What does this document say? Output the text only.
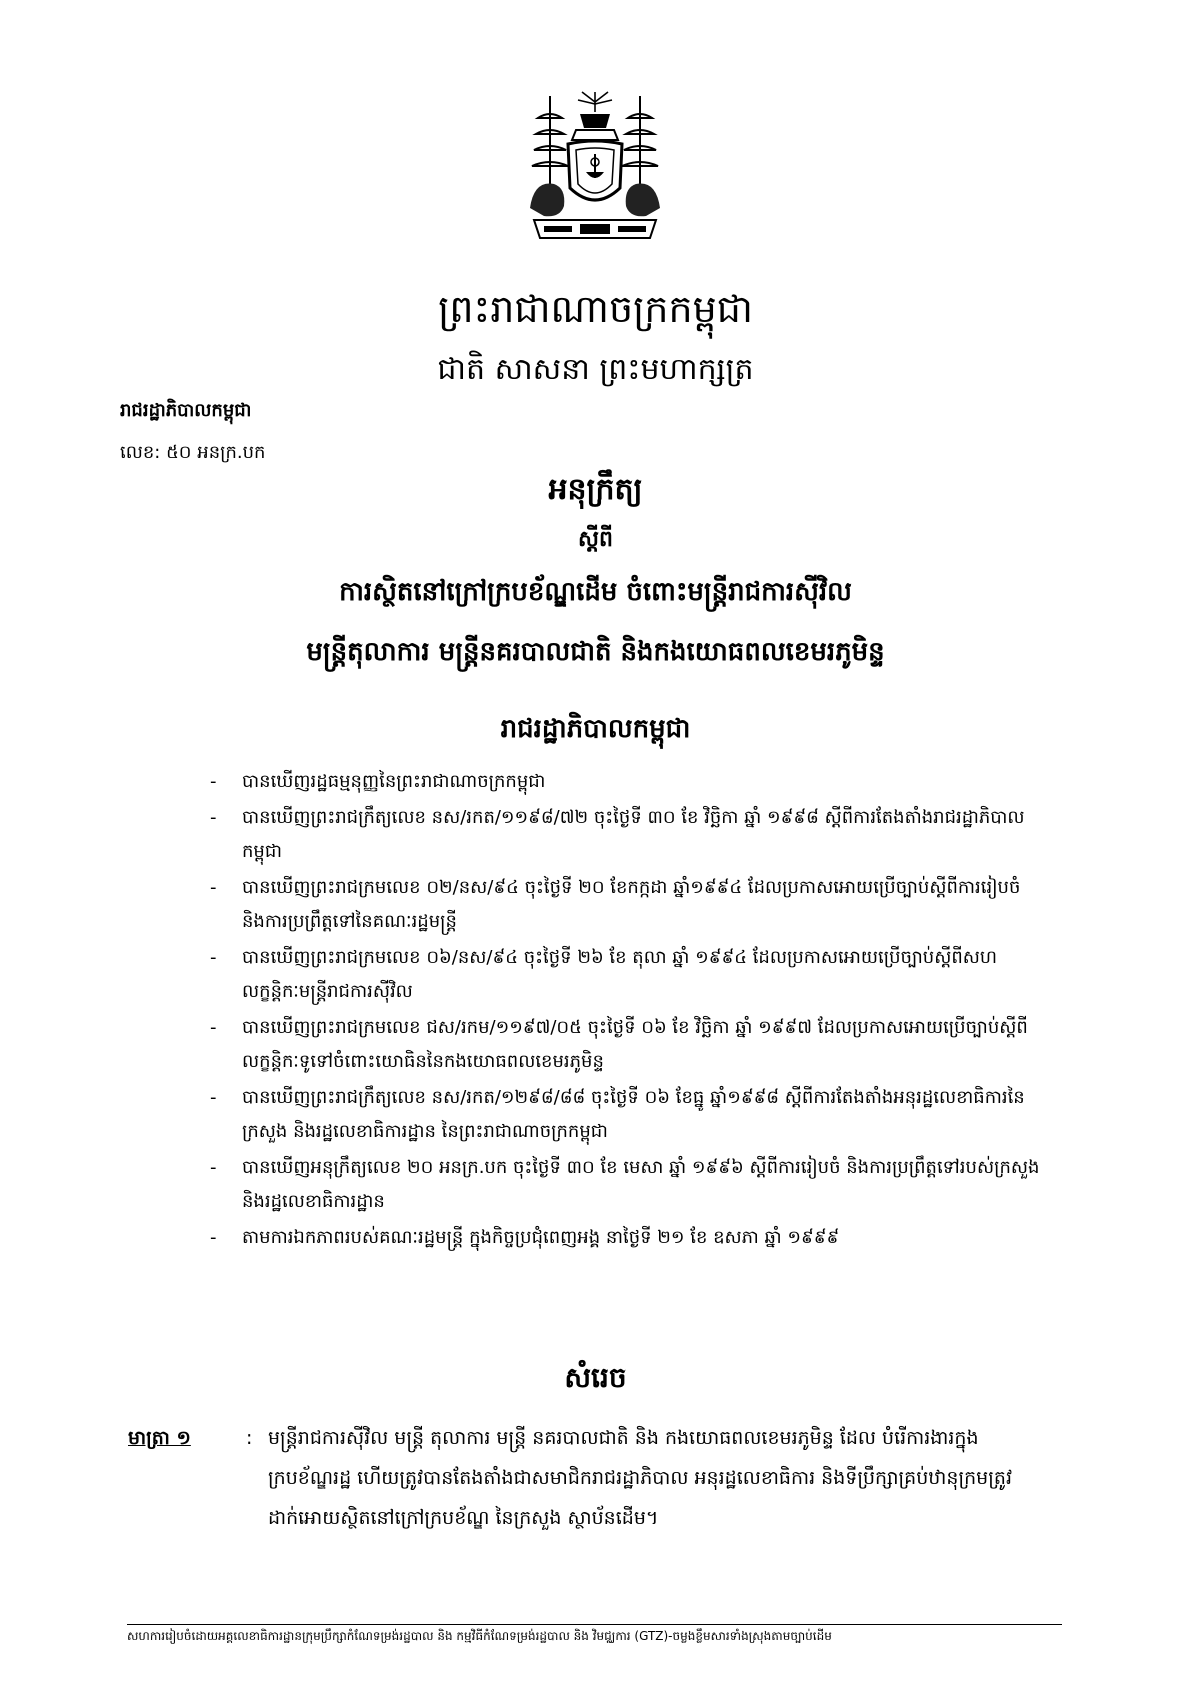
ព្រះរាជាណាចក្រកម្ពុជា
ជាតិ សាសនា ព្រះមហាក្សត្រ
រាជរដ្ឋាភិបាលកម្ពុជា
លេខ: ៥០ អនក្រ.បក
អនុក្រឹត្យ
ស្ដីពី
ការស្ថិតនៅក្រៅក្របខ័ណ្ឌដើម ចំពោះមន្ត្រីរាជការស៊ីវិល
មន្ត្រីតុលាការ មន្ត្រីនគរបាលជាតិ និងកងយោធពលខេមរភូមិន្ទ
រាជរដ្ឋាភិបាលកម្ពុជា
- បានឃើញរដ្ឋធម្មនុញ្ញនៃព្រះរាជាណាចក្រកម្ពុជា
- បានឃើញព្រះរាជក្រឹត្យលេខ នស/រកត/១១៩៨/៧២ ចុះថ្ងៃទី ៣០ ខែ វិច្ឆិកា ឆ្នាំ ១៩៩៨ ស្ដីពីការតែងតាំងរាជរដ្ឋាភិបាលកម្ពុជា
- បានឃើញព្រះរាជក្រមលេខ ០២/នស/៩៤ ចុះថ្ងៃទី ២០ ខែកក្កដា ឆ្នាំ១៩៩៤ ដែលប្រកាសអោយប្រើច្បាប់ស្ដីពីការរៀបចំ និងការប្រព្រឹត្តទៅនៃគណៈរដ្ឋមន្ត្រី
- បានឃើញព្រះរាជក្រមលេខ ០៦/នស/៩៤ ចុះថ្ងៃទី ២៦ ខែ តុលា ឆ្នាំ ១៩៩៤ ដែលប្រកាសអោយប្រើច្បាប់ស្ដីពីសហលក្ខន្តិកៈមន្ត្រីរាជការស៊ីវិល
- បានឃើញព្រះរាជក្រមលេខ ជស/រកម/១១៩៧/០៥ ចុះថ្ងៃទី ០៦ ខែ វិច្ឆិកា ឆ្នាំ ១៩៩៧ ដែលប្រកាសអោយប្រើច្បាប់ស្ដីពី លក្ខន្តិកៈទូទៅចំពោះយោធិននៃកងយោធពលខេមរភូមិន្ទ
- បានឃើញព្រះរាជក្រឹត្យលេខ នស/រកត/១២៩៨/៨៨ ចុះថ្ងៃទី ០៦ ខែធ្នូ ឆ្នាំ១៩៩៨ ស្ដីពីការតែងតាំងអនុរដ្ឋលេខាធិការនៃក្រសួង និងរដ្ឋលេខាធិការដ្ឋាន នៃព្រះរាជាណាចក្រកម្ពុជា
- បានឃើញអនុក្រឹត្យលេខ ២០ អនក្រ.បក ចុះថ្ងៃទី ៣០ ខែ មេសា ឆ្នាំ ១៩៩៦ ស្ដីពីការរៀបចំ និងការប្រព្រឹត្តទៅរបស់ក្រសួង និងរដ្ឋលេខាធិការដ្ឋាន
- តាមការឯកភាពរបស់គណៈរដ្ឋមន្ត្រី ក្នុងកិច្ចប្រជុំពេញអង្គ នាថ្ងៃទី ២១ ខែ ឧសភា ឆ្នាំ ១៩៩៩
សំរេច
មាត្រា ១	: មន្ត្រីរាជការស៊ីវិល មន្ត្រី តុលាការ មន្ត្រី នគរបាលជាតិ និង កងយោធពលខេមរភូមិន្ទ ដែល បំរើការងារក្នុងក្របខ័ណ្ឌរដ្ឋ ហើយត្រូវបានតែងតាំងជាសមាជិករាជរដ្ឋាភិបាល អនុរដ្ឋលេខាធិការ និងទីប្រឹក្សាគ្រប់ឋានុក្រមត្រូវដាក់អោយស្ថិតនៅក្រៅក្របខ័ណ្ឌ នៃក្រសួង ស្ថាប័នដើម។
សហការរៀបចំដោយអគ្គលេខាធិការដ្ឋានក្រុមប្រឹក្សាកំណែទម្រង់រដ្ឋបាល និង កម្មវិធីកំណែទម្រង់រដ្ឋបាល និង វិមជ្ឈការ (GTZ)-ចម្លងខ្លឹមសារទាំងស្រុងតាមច្បាប់ដើម
